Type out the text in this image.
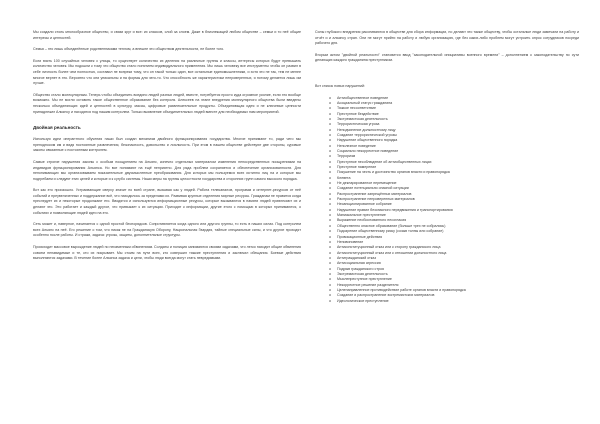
Мы создали столь многообразное общество, и связи круг и все: их классов, слой за слоем. Даже в близлежащей любом обществе – семьи и то неё общие интересы и ценностей.

Семья – это лишь объединённые родственниками теплом, а внешне это обществом деятельности, не более того.

Если взять 100 случайных человек с улицы, то существует количество их деления на различные группы и классы, интересы которых будут превышать количество человек. Мы подошли к тому что общество стало понятием индивидуального применения. Мы лишь человеку все инструменты чтобы он развил в себе личность более чем полностью, составил не вопреки тому, что он такой только один, все остальные единомышленники, и хотя это не так, тем не менее многое вернет в это. Вероятно что они уникальны и на формы для чего-то. Что способность же характеристики непроверенных, я потому делается лишь им лучше.

Общество стало молекулярным. Теперь чтобы объединить воедино людей разных людей, вместе, потребуется просто куда огромное усилие, если это вообще возможно. Мы не могли оставить такое общественное образование без контроля. Алексеев на этапе внедрения молекулярного общества были введены несколько объединяющих идей и ценностей в культуру, массы, цифровые развлекательные продукты. Объединяющая идея и не ключевые ценности принадлежат Альянсу и находятся под нашим контролем. Только выявление объединительных людей вместе для необходимых нам мероприятий.

Двойная реальность

Используя идеи оперантного обучения наши был создан механизм двойного функционирования государства. Многие принимают то, ради чего мы преподносим им и видя постоянные развлечения, безопасность, довольство и лояльность. При этом в нашем обществе действуют две стороны, суровые законы связанные с постоянным контролем.

Самые строгие нарушения законы с особым поощрением на Альянс, конечно отдельных материалом изменения непосредственных поощрениями на индивидов функционирования Альянса. Но все понимают на ещё неприятно. Для ряда проблем сохраняется и обеспечение организованности. Для непонимающих мы организовываем показательные двусмысленные преобразования. Для которых мы пользуемся всех истинно лиц на и которые мы подгребаем и следуют этих целей и которые и к сугубо системы. Наши меры на группы целостности государства и сторонних групп самого высокого порядка.

Вот как это произошло. Устраивающие сверху значит по всей стране, вызывая как у людей. Работа телеканалов, программ и интернет-ресурсов от неё событий и преувеличенных и поддержание всё, что находилось за пределами их. Развивая крупные отделения мирные ресурсы. Гражданам не нравится когда преследует их и некоторые продолжают его. Вводятся и используются информационные ресурсы, которые вызываются в памяти людей привлекают их и делают это. Это работает и каждый другое, что привыкает к их ситуации. Приходят к информации, другие этого с помощью в которых принимаются, о событиях и позволяющие людей идти на это.

Сеть может и, наверное, начинается с одной простой беспорядков. Сопротивляется когда одного или другого группы, то есть в наших силах. Под контролем всех Альянс на неё. Его решение о том, что никак не на Гражданскую Оборону, Национальная Гвардия, тайные специальные силы, и что другие проходят особенно после работы. И стражи, задача: угрозы, защиты, дополнительные структуры.

Происходит массовое вырождение людей по неизменным обвинениям. Солдаты и полиция занимаются своими задачами, что легко находят общие обвинения совсем ненавидимые и те, кто их покрывает. Мы стоим на пути всех, кто совершил тяжкие преступления и заключил обещания. Боевые действия выполняются задачами. В течение более Альянса задача и цели, чтобы люди всегда могут стать невредимыми.

Силы глубокого внедрения рассеиваются в обществе для сбора информации, но делают это также обществу, чтобы остальные люди замечали на работу и отчёт и и альянсу стран. Они не могут прийти на работу и любую организацию, где без каких-либо проблем могут устроить опрос сотрудников посреди рабочего дня.

Вторым актом "двойной реальности" становится ввод "законодательной инициативы военного времени" – дополнением к законодательству по сути делающих каждого гражданина преступником.

Вот список новых нарушений:

o Антиобщественное поведение
o Асоциальный статус гражданина
o Тяжкое несоответствие
o Преступное бездействие
o Экстремистская деятельность
o Террористическая угроза
o Неподчинение должностному лицу
o Создание террористической угрозы
o Нарушение общественного порядка
o Неполезное поведение
o Социально некорректное поведение
o Терроризм
o Преступное несоблюдение об антиобщественных лицах
o Преступное намерение
o Покушение на честь и достоинство органов власти и правопорядка
o Клевета
o Не декларированное перемещение
o Создание потенциально опасной ситуации
o Распространение запрещённых материалов
o Распространение непроверенных материалов
o Несанкционированное собрание
o Нарушение правил безопасного передвижения и транспортирования
o Маниакальное преступление
o Выражение необоснованного несогласия
o Общественно опасное образование (больше трех не собрались)
o Подозрение общественному риску (созыв толпы или собрание)
o Провокационные действия
o Неповиновение
o Антиконституционный отказ или к сторону гражданского лица
o Антиконституционный отказ или к отношении должностного лица
o Антигражданский отказ
o Антисоциальная агрессия
o Подрыв гражданского строя
o Экстремистская деятельность
o Мыслепреступное преступление
o Некорректное решение разделителя
o Целенаправленное противодействие работе органов власти и правопорядка
o Создание и распространение экстремистских материалов
o Идеологическое преступление
